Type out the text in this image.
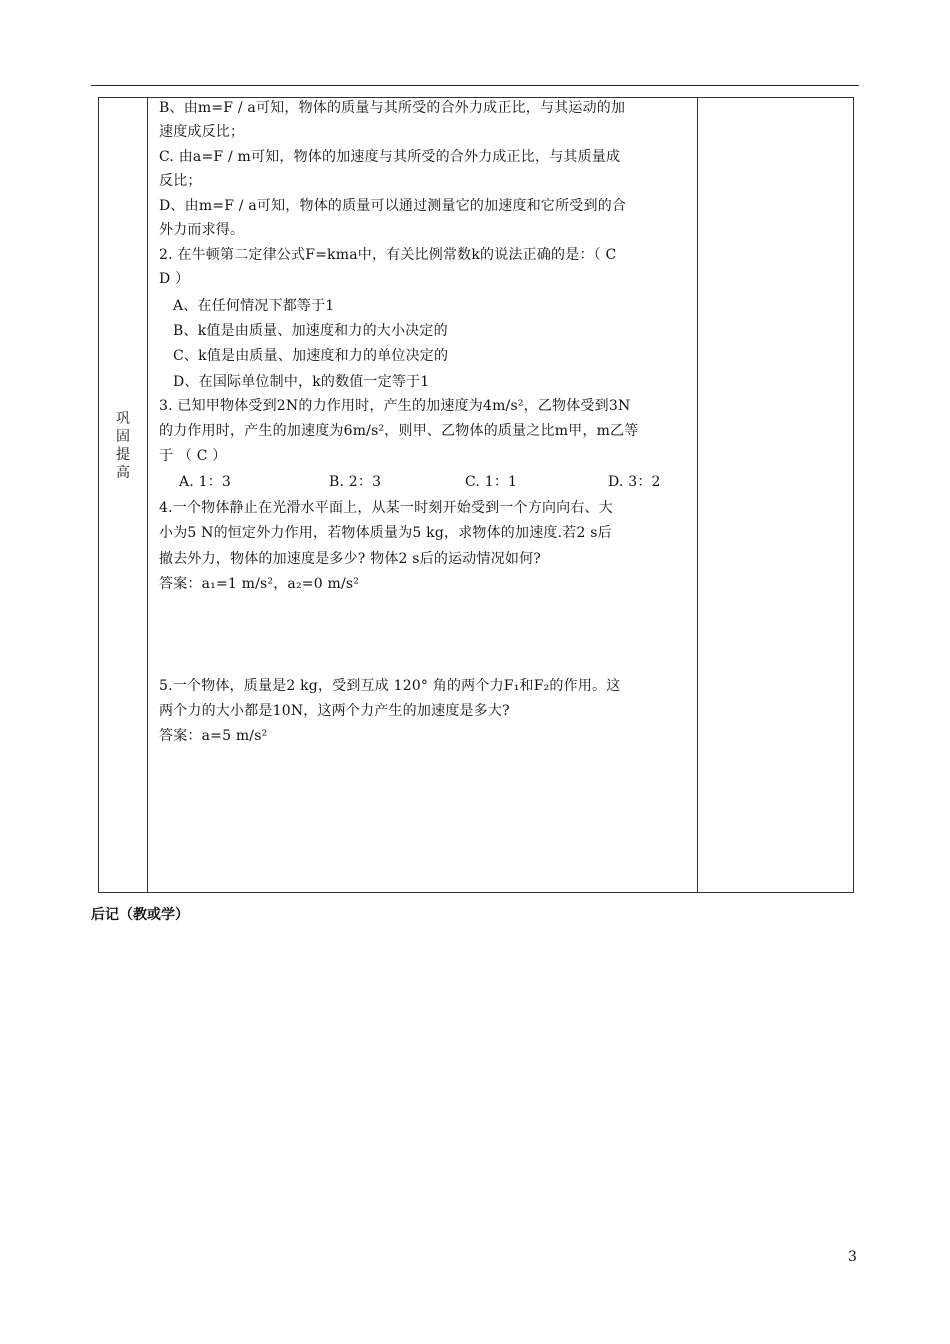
巩固提高
B、由m=F / a可知，物体的质量与其所受的合外力成正比，与其运动的加
速度成反比；
C. 由a=F / m可知，物体的加速度与其所受的合外力成正比，与其质量成
反比；
D、由m=F / a可知，物体的质量可以通过测量它的加速度和它所受到的合
外力而求得。
2. 在牛顿第二定律公式F=kma中，有关比例常数k的说法正确的是：（ C
D ）
A、在任何情况下都等于1
B、k值是由质量、加速度和力的大小决定的
C、k值是由质量、加速度和力的单位决定的
D、在国际单位制中，k的数值一定等于1
3. 已知甲物体受到2N的力作用时，产生的加速度为4m/s²，乙物体受到3N
的力作用时，产生的加速度为6m/s²，则甲、乙物体的质量之比m甲，m乙等
于 （ C ）
A. 1：3	B. 2：3	C. 1：1	D. 3：2
4.一个物体静止在光滑水平面上，从某一时刻开始受到一个方向向右、大
小为5 N的恒定外力作用，若物体质量为5 kg，求物体的加速度.若2 s后
撤去外力，物体的加速度是多少? 物体2 s后的运动情况如何?
答案：a₁=1 m/s²，a₂=0 m/s²
5.一个物体，质量是2 kg，受到互成 120° 角的两个力F₁和F₂的作用。这
两个力的大小都是10N，这两个力产生的加速度是多大?
答案：a=5 m/s²
后记（教或学）
3
